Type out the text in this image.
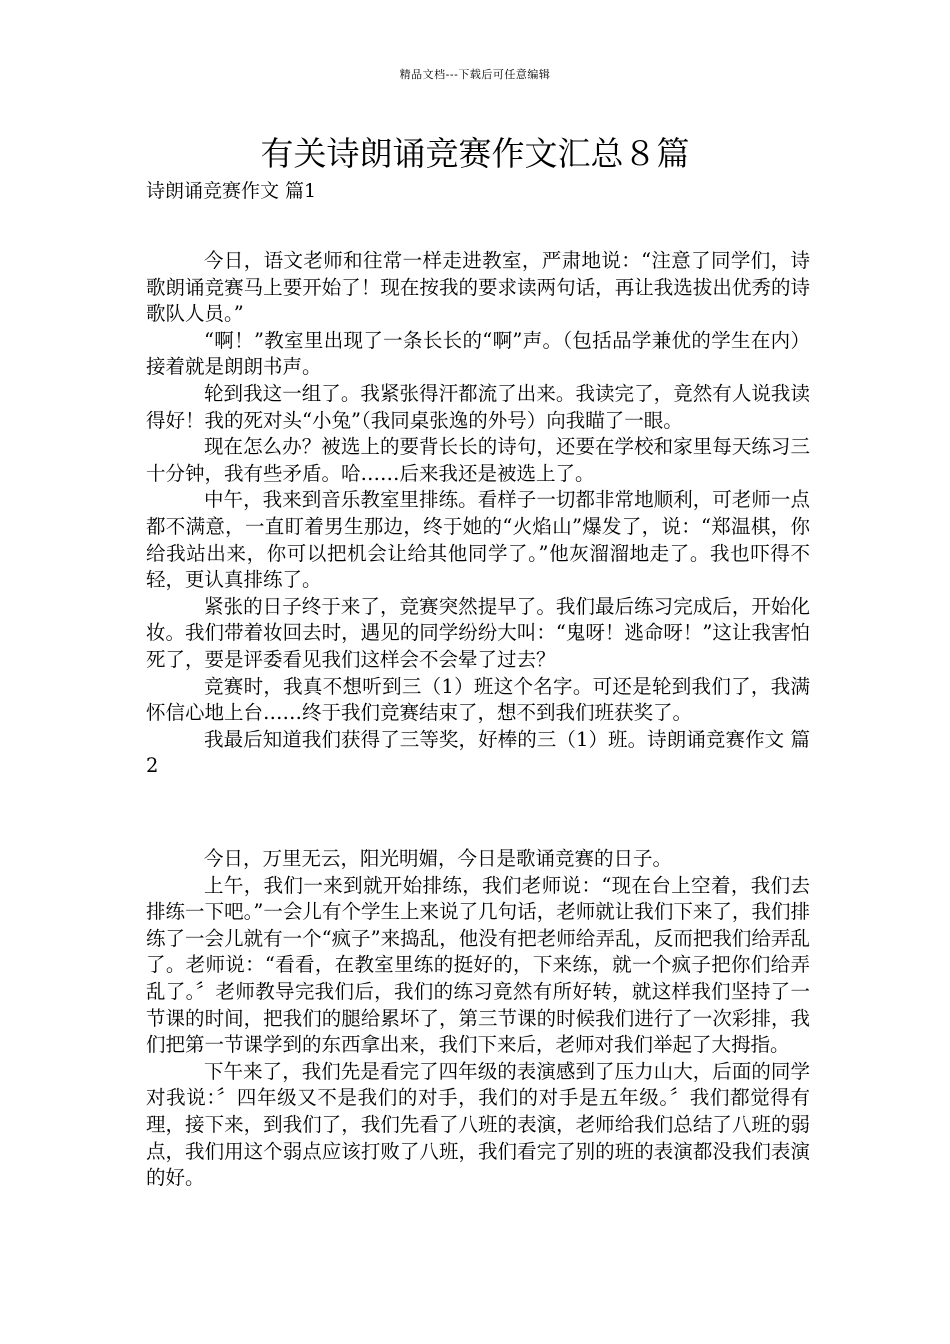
精品文档---下载后可任意编辑
有关诗朗诵竞赛作文汇总８篇
诗朗诵竞赛作文 篇1

今日，语文老师和往常一样走进教室，严肃地说：“注意了同学们，诗歌朗诵竞赛马上要开始了！现在按我的要求读两句话，再让我选拔出优秀的诗歌队人员。”

“啊！”教室里出现了一条长长的“啊”声。（包括品学兼优的学生在内）接着就是朗朗书声。

轮到我这一组了。我紧张得汗都流了出来。我读完了，竟然有人说我读得好！我的死对头“小兔”（我同桌张逸的外号）向我瞄了一眼。

现在怎么办？被选上的要背长长的诗句，还要在学校和家里每天练习三十分钟，我有些矛盾。哈……后来我还是被选上了。

中午，我来到音乐教室里排练。看样子一切都非常地顺利，可老师一点都不满意，一直盯着男生那边，终于她的“火焰山”爆发了，说：“郑温棋，你给我站出来，你可以把机会让给其他同学了。”他灰溜溜地走了。我也吓得不轻，更认真排练了。

紧张的日子终于来了，竞赛突然提早了。我们最后练习完成后，开始化妆。我们带着妆回去时，遇见的同学纷纷大叫：“鬼呀！逃命呀！”这让我害怕死了，要是评委看见我们这样会不会晕了过去？

竞赛时，我真不想听到三（1）班这个名字。可还是轮到我们了，我满怀信心地上台……终于我们竞赛结束了，想不到我们班获奖了。

我最后知道我们获得了三等奖，好棒的三（1）班。诗朗诵竞赛作文 篇2

今日，万里无云，阳光明媚，今日是歌诵竞赛的日子。

上午，我们一来到就开始排练，我们老师说：“现在台上空着，我们去排练一下吧。”一会儿有个学生上来说了几句话，老师就让我们下来了，我们排练了一会儿就有一个“疯子”来捣乱，他没有把老师给弄乱，反而把我们给弄乱了。老师说：“看看，在教室里练的挺好的，下来练，就一个疯子把你们给弄乱了。〞老师教导完我们后，我们的练习竟然有所好转，就这样我们坚持了一节课的时间，把我们的腿给累坏了，第三节课的时候我们进行了一次彩排，我们把第一节课学到的东西拿出来，我们下来后，老师对我们举起了大拇指。

下午来了，我们先是看完了四年级的表演感到了压力山大，后面的同学对我说：〞四年级又不是我们的对手，我们的对手是五年级。〞我们都觉得有理，接下来，到我们了，我们先看了八班的表演，老师给我们总结了八班的弱点，我们用这个弱点应该打败了八班，我们看完了别的班的表演都没我们表演的好。
